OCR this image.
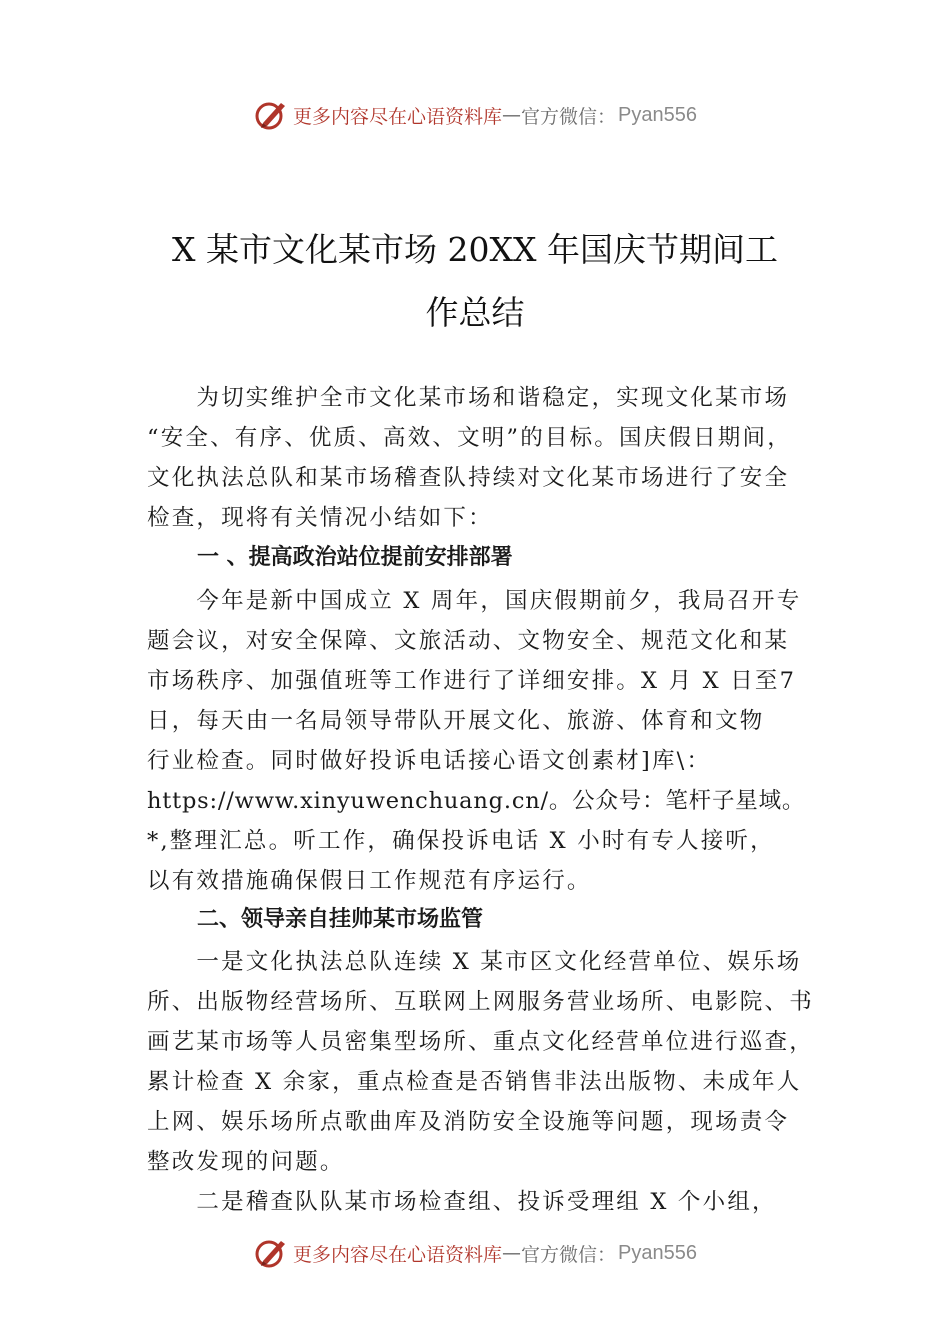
更多内容尽在心语资料库 — 官方微信： Pyan556
X 某市文化某市场 20XX 年国庆节期间工
作总结
　　为切实维护全市文化某市场和谐稳定，实现文化某市场
“安全、有序、优质、高效、文明”的目标。国庆假日期间，
文化执法总队和某市场稽查队持续对文化某市场进行了安全
检查，现将有关情况小结如下：
一 、提高政治站位提前安排部署
　　今年是新中国成立 X 周年，国庆假期前夕，我局召开专
题会议，对安全保障、文旅活动、文物安全、规范文化和某
市场秩序、加强值班等工作进行了详细安排。X 月 X 日至7
日，每天由一名局领导带队开展文化、旅游、体育和文物
行业检查。同时做好投诉电话接心语文创素材]库\：
https://www.xinyuwenchuang.cn/。公众号：笔杆子星域。
*,整理汇总。听工作，确保投诉电话 X 小时有专人接听，
以有效措施确保假日工作规范有序运行。
二、领导亲自挂帅某市场监管
　　一是文化执法总队连续 X 某市区文化经营单位、娱乐场
所、出版物经营场所、互联网上网服务营业场所、电影院、书
画艺某市场等人员密集型场所、重点文化经营单位进行巡查，
累计检查 X 余家，重点检查是否销售非法出版物、未成年人
上网、娱乐场所点歌曲库及消防安全设施等问题，现场责令
整改发现的问题。
　　二是稽查队队某市场检查组、投诉受理组 X 个小组，
更多内容尽在心语资料库 — 官方微信： Pyan556
